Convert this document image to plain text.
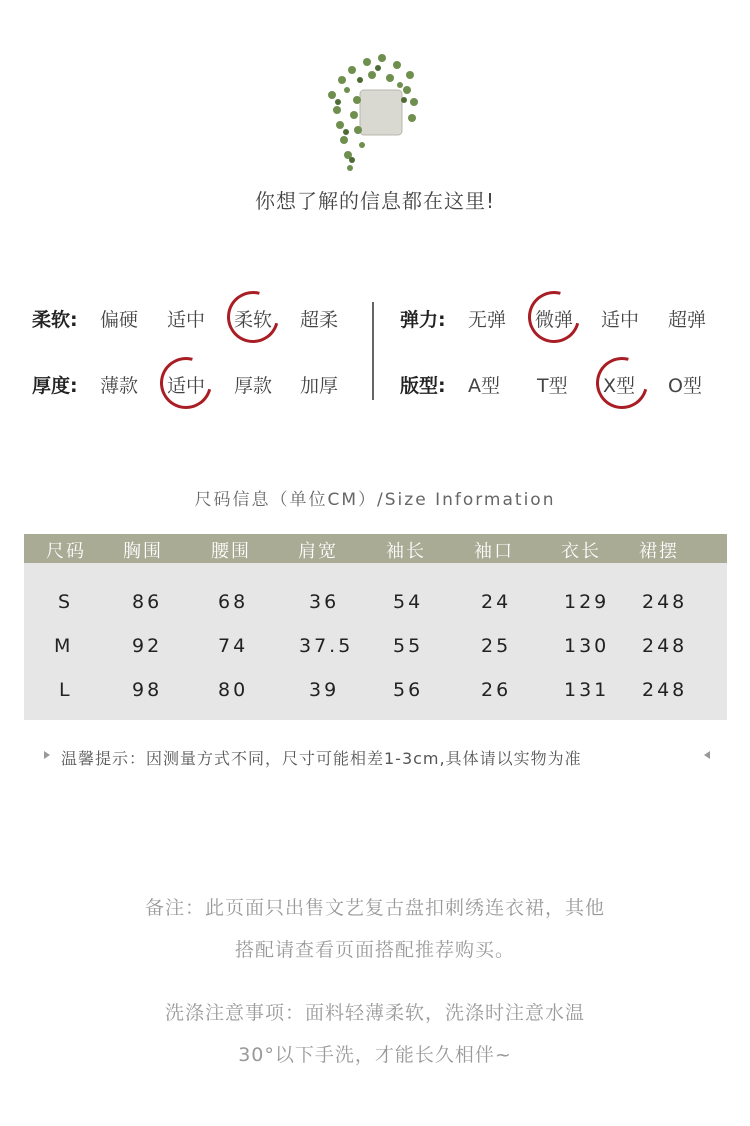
你想了解的信息都在这里!
柔软: 偏硬 适中 柔软 超柔
厚度: 薄款 适中 厚款 加厚
弹力: 无弹 微弹 适中 超弹
版型: A型 T型 X型 O型
尺码信息（单位CM）/Size Information
尺码 胸围	腰围	肩宽	袖长	袖口	衣长 裙摆
S	86	68	36	54	24	129 248
M	92	74	37.5 55	25	130 248
L	98	80	39	56	26	131 248
温馨提示：因测量方式不同，尺寸可能相差1-3cm,具体请以实物为准
备注：此页面只出售文艺复古盘扣刺绣连衣裙，其他
搭配请查看页面搭配推荐购买。
洗涤注意事项：面料轻薄柔软，洗涤时注意水温
30°以下手洗，才能长久相伴~
